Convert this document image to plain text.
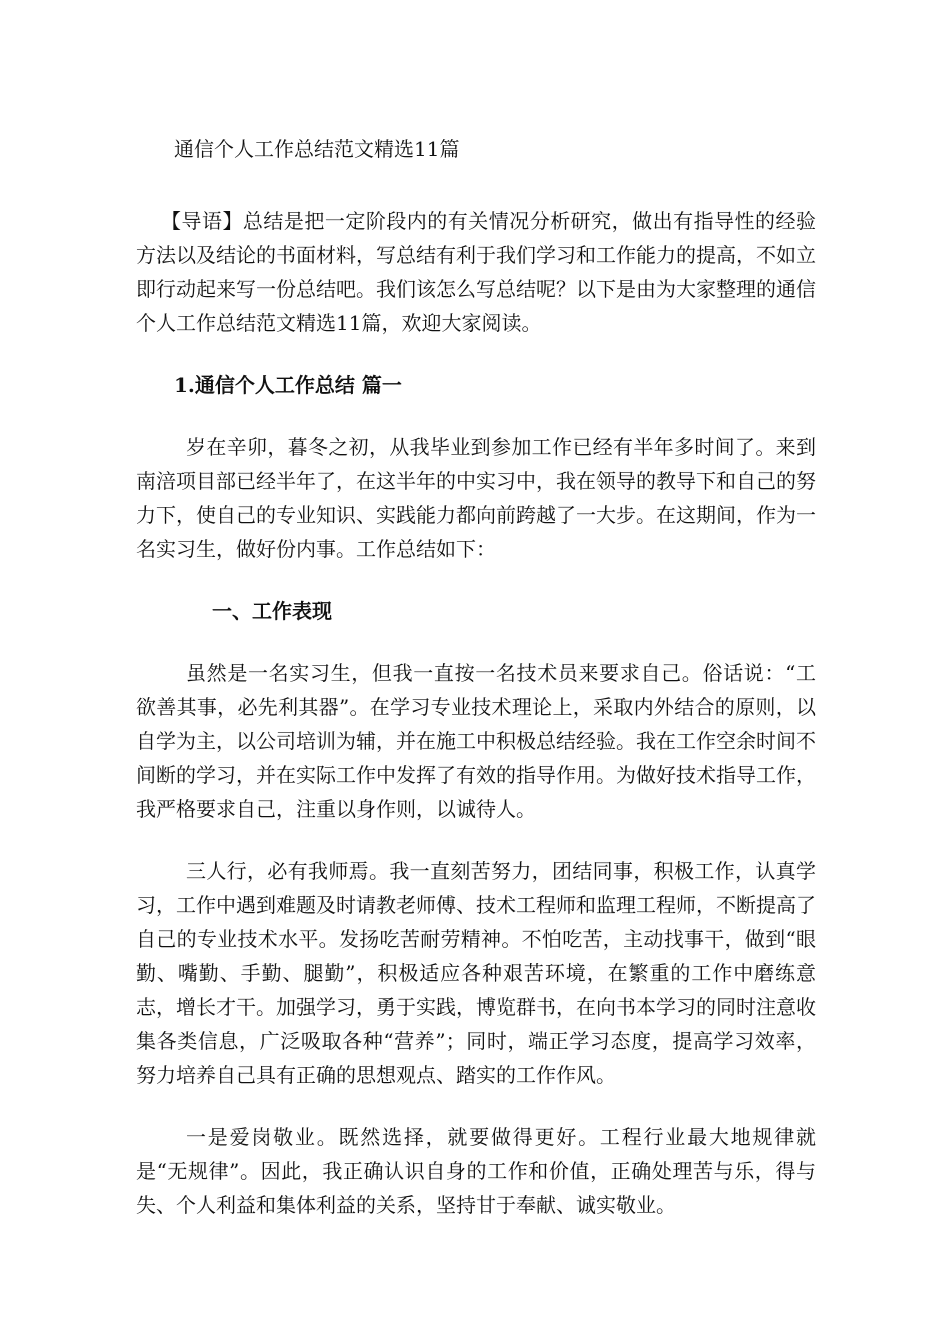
通信个人工作总结范文精选11篇

【导语】总结是把一定阶段内的有关情况分析研究，做出有指导性的经验方法以及结论的书面材料，写总结有利于我们学习和工作能力的提高，不如立即行动起来写一份总结吧。我们该怎么写总结呢？以下是由为大家整理的通信个人工作总结范文精选11篇，欢迎大家阅读。

1.通信个人工作总结 篇一

岁在辛卯，暮冬之初，从我毕业到参加工作已经有半年多时间了。来到南涪项目部已经半年了，在这半年的中实习中，我在领导的教导下和自己的努力下，使自己的专业知识、实践能力都向前跨越了一大步。在这期间，作为一名实习生，做好份内事。工作总结如下：

一、工作表现

虽然是一名实习生，但我一直按一名技术员来要求自己。俗话说：“工欲善其事，必先利其器”。在学习专业技术理论上，采取内外结合的原则，以自学为主，以公司培训为辅，并在施工中积极总结经验。我在工作空余时间不间断的学习，并在实际工作中发挥了有效的指导作用。为做好技术指导工作，我严格要求自己，注重以身作则，以诚待人。

三人行，必有我师焉。我一直刻苦努力，团结同事，积极工作，认真学习，工作中遇到难题及时请教老师傅、技术工程师和监理工程师，不断提高了自己的专业技术水平。发扬吃苦耐劳精神。不怕吃苦，主动找事干，做到“眼勤、嘴勤、手勤、腿勤”，积极适应各种艰苦环境，在繁重的工作中磨练意志，增长才干。加强学习，勇于实践，博览群书，在向书本学习的同时注意收集各类信息，广泛吸取各种“营养”；同时，端正学习态度，提高学习效率，努力培养自己具有正确的思想观点、踏实的工作作风。

一是爱岗敬业。既然选择，就要做得更好。工程行业最大地规律就是“无规律”。因此，我正确认识自身的工作和价值，正确处理苦与乐，得与失、个人利益和集体利益的关系，坚持甘于奉献、诚实敬业。
